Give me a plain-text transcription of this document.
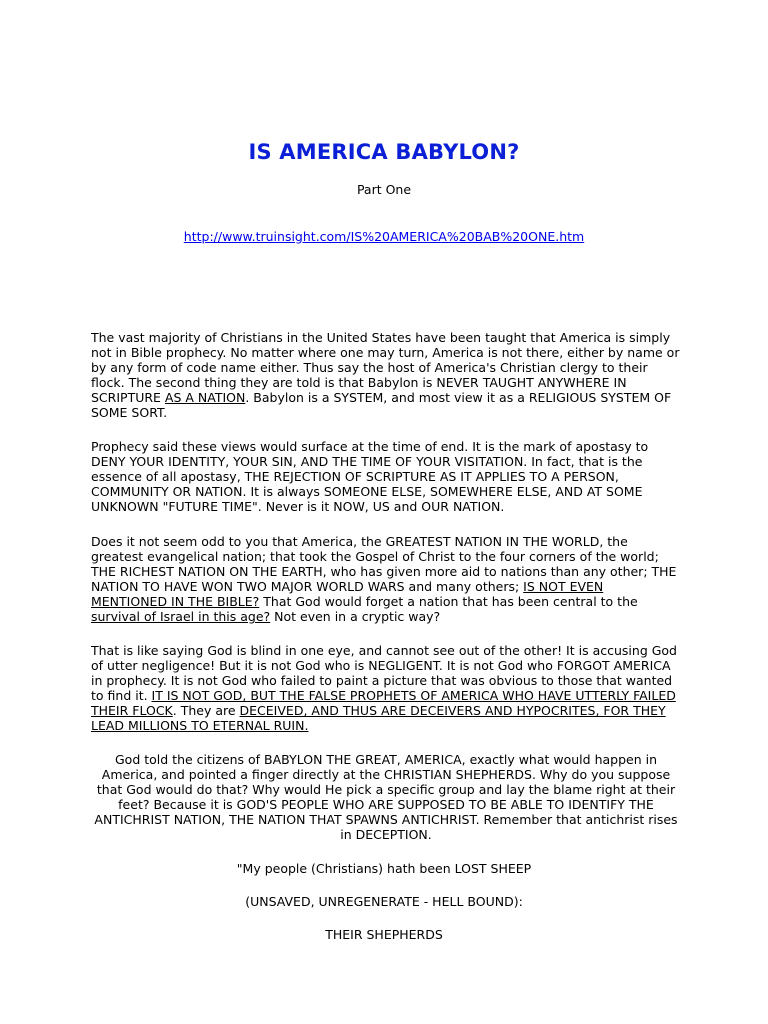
IS AMERICA BABYLON?

Part One

http://www.truinsight.com/IS%20AMERICA%20BAB%20ONE.htm

The vast majority of Christians in the United States have been taught that America is simply not in Bible prophecy. No matter where one may turn, America is not there, either by name or by any form of code name either. Thus say the host of America's Christian clergy to their flock. The second thing they are told is that Babylon is NEVER TAUGHT ANYWHERE IN SCRIPTURE AS A NATION. Babylon is a SYSTEM, and most view it as a RELIGIOUS SYSTEM OF SOME SORT.

Prophecy said these views would surface at the time of end. It is the mark of apostasy to DENY YOUR IDENTITY, YOUR SIN, AND THE TIME OF YOUR VISITATION. In fact, that is the essence of all apostasy, THE REJECTION OF SCRIPTURE AS IT APPLIES TO A PERSON, COMMUNITY OR NATION. It is always SOMEONE ELSE, SOMEWHERE ELSE, AND AT SOME UNKNOWN "FUTURE TIME". Never is it NOW, US and OUR NATION.

Does it not seem odd to you that America, the GREATEST NATION IN THE WORLD, the greatest evangelical nation; that took the Gospel of Christ to the four corners of the world; THE RICHEST NATION ON THE EARTH, who has given more aid to nations than any other; THE NATION TO HAVE WON TWO MAJOR WORLD WARS and many others; IS NOT EVEN MENTIONED IN THE BIBLE? That God would forget a nation that has been central to the survival of Israel in this age? Not even in a cryptic way?

That is like saying God is blind in one eye, and cannot see out of the other! It is accusing God of utter negligence! But it is not God who is NEGLIGENT. It is not God who FORGOT AMERICA in prophecy. It is not God who failed to paint a picture that was obvious to those that wanted to find it. IT IS NOT GOD, BUT THE FALSE PROPHETS OF AMERICA WHO HAVE UTTERLY FAILED THEIR FLOCK. They are DECEIVED, AND THUS ARE DECEIVERS AND HYPOCRITES, FOR THEY LEAD MILLIONS TO ETERNAL RUIN.

God told the citizens of BABYLON THE GREAT, AMERICA, exactly what would happen in America, and pointed a finger directly at the CHRISTIAN SHEPHERDS. Why do you suppose that God would do that? Why would He pick a specific group and lay the blame right at their feet? Because it is GOD'S PEOPLE WHO ARE SUPPOSED TO BE ABLE TO IDENTIFY THE ANTICHRIST NATION, THE NATION THAT SPAWNS ANTICHRIST. Remember that antichrist rises in DECEPTION.

"My people (Christians) hath been LOST SHEEP

(UNSAVED, UNREGENERATE - HELL BOUND):

THEIR SHEPHERDS
